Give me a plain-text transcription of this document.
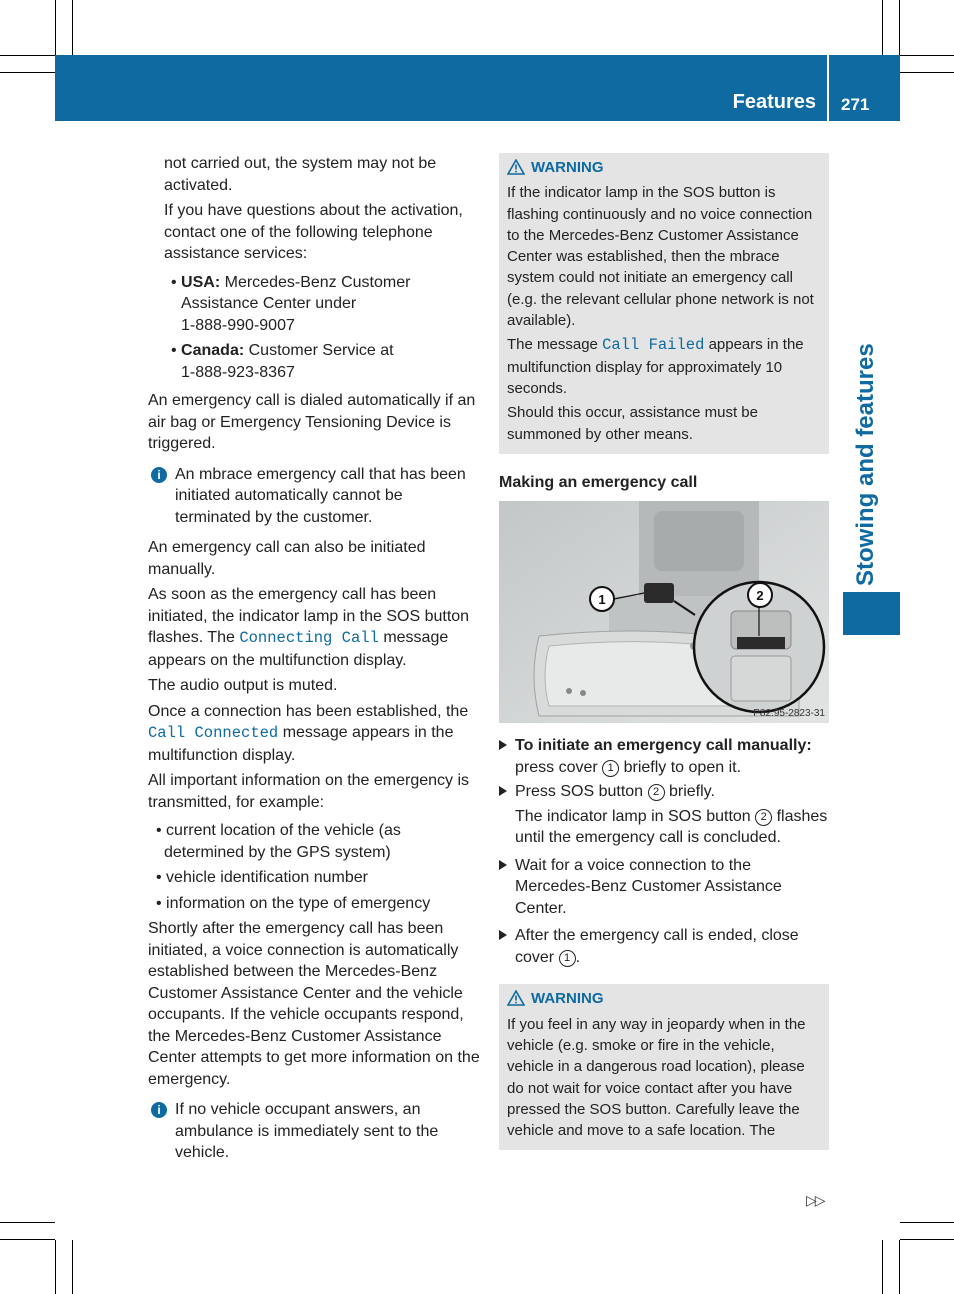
Features 271
Stowing and features

not carried out, the system may not be activated.

If you have questions about the activation, contact one of the following telephone assistance services:

• USA: Mercedes-Benz Customer Assistance Center under
1-888-990-9007

• Canada: Customer Service at
1-888-923-8367

An emergency call is dialed automatically if an air bag or Emergency Tensioning Device is triggered.

i An mbrace emergency call that has been initiated automatically cannot be terminated by the customer.

An emergency call can also be initiated manually.

As soon as the emergency call has been initiated, the indicator lamp in the SOS button flashes. The Connecting Call message appears on the multifunction display.

The audio output is muted.

Once a connection has been established, the Call Connected message appears in the multifunction display.

All important information on the emergency is transmitted, for example:

• current location of the vehicle (as determined by the GPS system)

• vehicle identification number

• information on the type of emergency

Shortly after the emergency call has been initiated, a voice connection is automatically established between the Mercedes-Benz Customer Assistance Center and the vehicle occupants. If the vehicle occupants respond, the Mercedes-Benz Customer Assistance Center attempts to get more information on the emergency.

i If no vehicle occupant answers, an ambulance is immediately sent to the vehicle.

WARNING

If the indicator lamp in the SOS button is flashing continuously and no voice connection to the Mercedes-Benz Customer Assistance Center was established, then the mbrace system could not initiate an emergency call (e.g. the relevant cellular phone network is not available).

The message Call Failed appears in the multifunction display for approximately 10 seconds.

Should this occur, assistance must be summoned by other means.

Making an emergency call

1	2
P82.95-2823-31
To initiate an emergency call manually: press cover 1 briefly to open it.
Press SOS button 2 briefly.
The indicator lamp in SOS button 2 flashes until the emergency call is concluded.
Wait for a voice connection to the Mercedes-Benz Customer Assistance Center.
After the emergency call is ended, close cover 1 .
WARNING

If you feel in any way in jeopardy when in the vehicle (e.g. smoke or fire in the vehicle, vehicle in a dangerous road location), please do not wait for voice contact after you have pressed the SOS button. Carefully leave the vehicle and move to a safe location. The

▷▷
